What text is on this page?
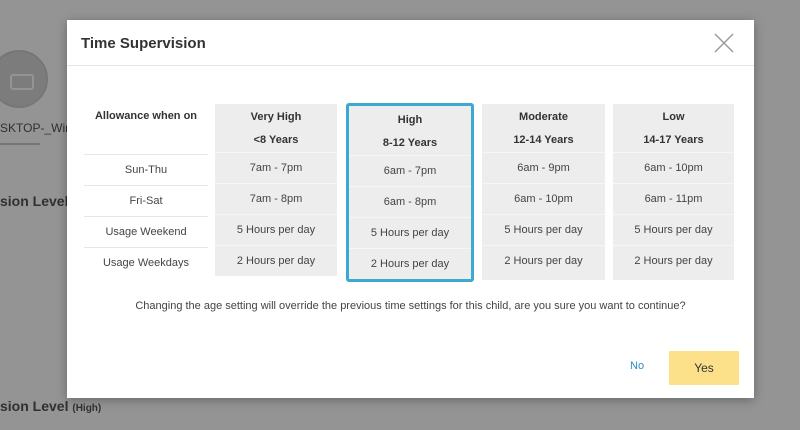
Time Supervision
Allowance when on
Sun-Thu
Fri-Sat
Usage Weekend
Usage Weekdays
Very High
<8 Years
7am - 7pm
7am - 8pm
5 Hours per day
2 Hours per day
High
8-12 Years
6am - 7pm
6am - 8pm
5 Hours per day
2 Hours per day
Moderate
12-14 Years
6am - 9pm
6am - 10pm
5 Hours per day
2 Hours per day
Low
14-17 Years
6am - 10pm
6am - 11pm
5 Hours per day
2 Hours per day
Changing the age setting will override the previous time settings for this child, are you sure you want to continue?
No	Yes
